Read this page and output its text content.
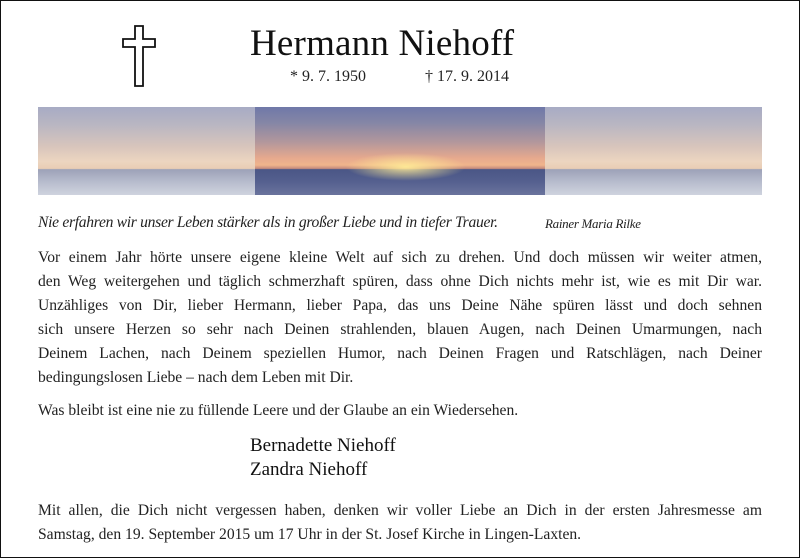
Hermann Niehoff
* 9. 7. 1950	† 17. 9. 2014
Nie erfahren wir unser Leben stärker als in großer Liebe und in tiefer Trauer.	Rainer Maria Rilke
Vor einem Jahr hörte unsere eigene kleine Welt auf sich zu drehen. Und doch müssen wir weiter atmen,
den Weg weitergehen und täglich schmerzhaft spüren, dass ohne Dich nichts mehr ist, wie es mit Dir war.
Unzähliges von Dir, lieber Hermann, lieber Papa, das uns Deine Nähe spüren lässt und doch sehnen
sich unsere Herzen so sehr nach Deinen strahlenden, blauen Augen, nach Deinen Umarmungen, nach
Deinem Lachen, nach Deinem speziellen Humor, nach Deinen Fragen und Ratschlägen, nach Deiner
bedingungslosen Liebe – nach dem Leben mit Dir.
Was bleibt ist eine nie zu füllende Leere und der Glaube an ein Wiedersehen.
Bernadette Niehoff
Zandra Niehoff
Mit allen, die Dich nicht vergessen haben, denken wir voller Liebe an Dich in der ersten Jahresmesse am
Samstag, den 19. September 2015 um 17 Uhr in der St. Josef Kirche in Lingen-Laxten.
